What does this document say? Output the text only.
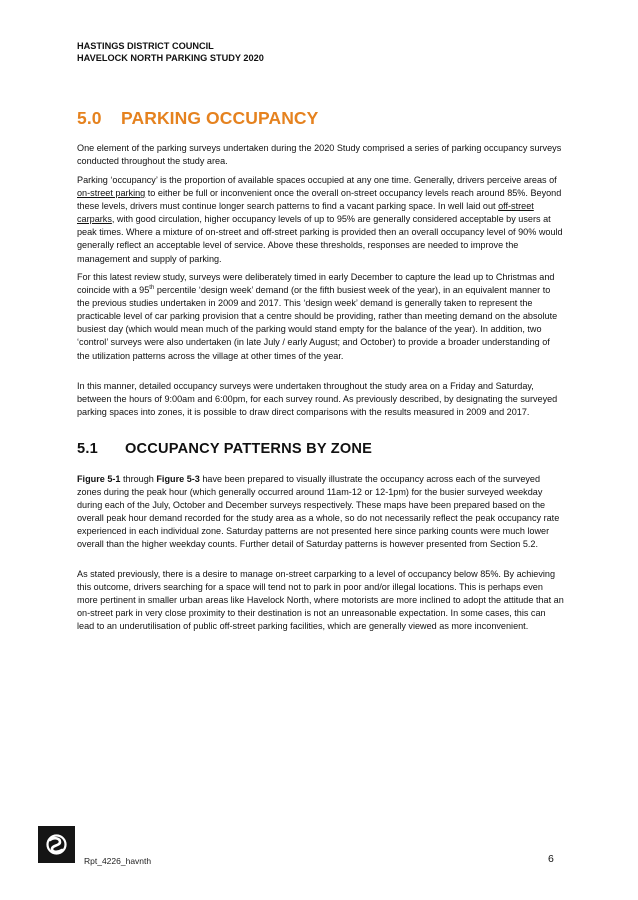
HASTINGS DISTRICT COUNCIL
HAVELOCK NORTH PARKING STUDY 2020
5.0 PARKING OCCUPANCY

One element of the parking surveys undertaken during the 2020 Study comprised a series of parking occupancy surveys conducted throughout the study area.

Parking ‘occupancy’ is the proportion of available spaces occupied at any one time. Generally, drivers perceive areas of on-street parking to either be full or inconvenient once the overall on-street occupancy levels reach around 85%. Beyond these levels, drivers must continue longer search patterns to find a vacant parking space. In well laid out off-street carparks, with good circulation, higher occupancy levels of up to 95% are generally considered acceptable by users at peak times. Where a mixture of on-street and off-street parking is provided then an overall occupancy level of 90% would generally reflect an acceptable level of service. Above these thresholds, responses are needed to improve the management and supply of parking.

For this latest review study, surveys were deliberately timed in early December to capture the lead up to Christmas and coincide with a 95th percentile ‘design week’ demand (or the fifth busiest week of the year), in an equivalent manner to the previous studies undertaken in 2009 and 2017. This ‘design week’ demand is generally taken to represent the practicable level of car parking provision that a centre should be providing, rather than meeting demand on the absolute busiest day (which would mean much of the parking would stand empty for the balance of the year). In addition, two ‘control’ surveys were also undertaken (in late July / early August; and October) to provide a broader understanding of the utilization patterns across the village at other times of the year.

In this manner, detailed occupancy surveys were undertaken throughout the study area on a Friday and Saturday, between the hours of 9:00am and 6:00pm, for each survey round. As previously described, by designating the surveyed parking spaces into zones, it is possible to draw direct comparisons with the results measured in 2009 and 2017.

5.1 OCCUPANCY PATTERNS BY ZONE

Figure 5-1 through Figure 5-3 have been prepared to visually illustrate the occupancy across each of the surveyed zones during the peak hour (which generally occurred around 11am-12 or 12-1pm) for the busier surveyed weekday during each of the July, October and December surveys respectively. These maps have been prepared based on the overall peak hour demand recorded for the study area as a whole, so do not necessarily reflect the peak occupancy rate experienced in each individual zone. Saturday patterns are not presented here since parking counts were much lower overall than the higher weekday counts. Further detail of Saturday patterns is however presented from Section 5.2.

As stated previously, there is a desire to manage on-street carparking to a level of occupancy below 85%. By achieving this outcome, drivers searching for a space will tend not to park in poor and/or illegal locations. This is perhaps even more pertinent in smaller urban areas like Havelock North, where motorists are more inclined to adopt the attitude that an on-street park in very close proximity to their destination is not an unreasonable expectation. In some cases, this can lead to an underutilisation of public off-street parking facilities, which are generally viewed as more inconvenient.

Rpt_4226_havnth	6
